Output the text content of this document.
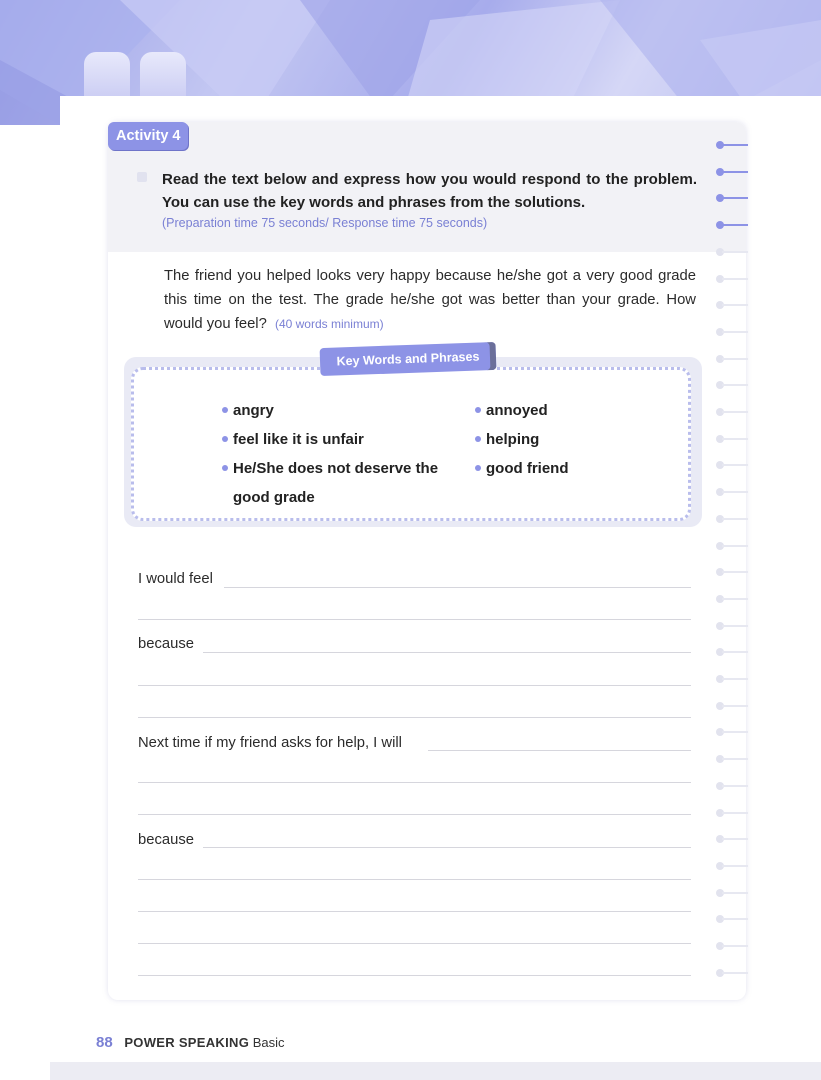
Activity 4
Read the text below and express how you would respond to the problem. You can use the key words and phrases from the solutions.
(Preparation time 75 seconds/ Response time 75 seconds)
The friend you helped looks very happy because he/she got a very good grade this time on the test. The grade he/she got was better than your grade. How would you feel? (40 words minimum)
Key Words and Phrases
angry
feel like it is unfair
He/She does not deserve the good grade
annoyed
helping
good friend
I would feel
because
Next time if my friend asks for help, I will
because
88 POWER SPEAKING Basic
